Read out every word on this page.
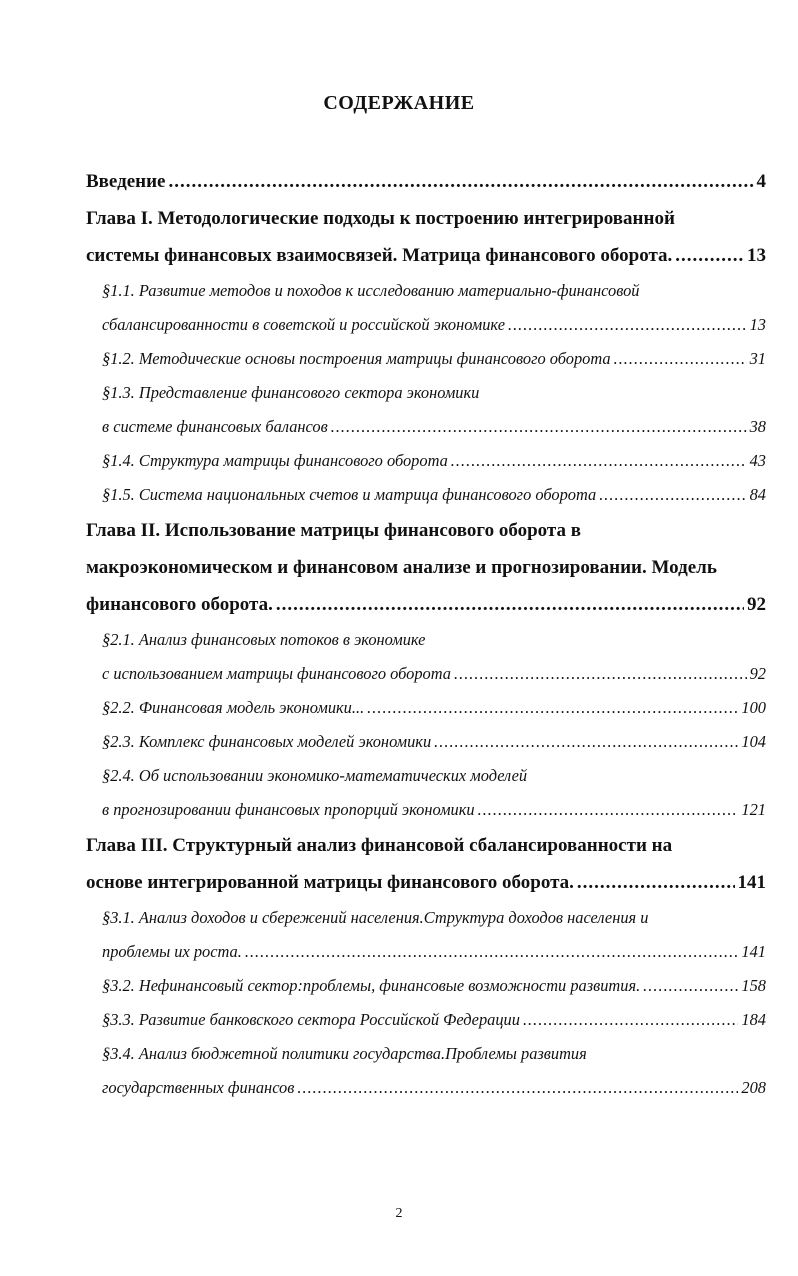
СОДЕРЖАНИЕ
Введение .....	4
Глава I. Методологические подходы к построению интегрированной
системы финансовых взаимосвязей. Матрица финансового оборота. .....	13
§1.1. Развитие методов и походов к исследованию материально-финансовой
сбалансированности в советской и российской экономике .....	13
§1.2. Методические основы построения матрицы финансового оборота .....	31
§1.3. Представление финансового сектора экономики
в системе финансовых балансов .....	38
§1.4. Структура матрицы финансового оборота .....	43
§1.5. Система национальных счетов и матрица финансового оборота .....	84
Глава II. Использование матрицы финансового оборота в
макроэкономическом и финансовом анализе и прогнозировании. Модель
финансового оборота. .....	92
§2.1. Анализ финансовых потоков в экономике
с использованием матрицы финансового оборота .....	92
§2.2. Финансовая модель экономики... .....	100
§2.3. Комплекс финансовых моделей экономики .....	104
§2.4. Об использовании экономико-математических моделей
в прогнозировании финансовых пропорций экономики .....	121
Глава III. Структурный анализ финансовой сбалансированности на
основе интегрированной матрицы финансового оборота. .....	141
§3.1. Анализ доходов и сбережений населения.Структура доходов населения и
проблемы их роста. .....	141
§3.2. Нефинансовый сектор:проблемы, финансовые возможности развития. .....	158
§3.3. Развитие банковского сектора Российской Федерации .....	184
§3.4. Анализ бюджетной политики государства.Проблемы развития
государственных финансов .....	208
2
